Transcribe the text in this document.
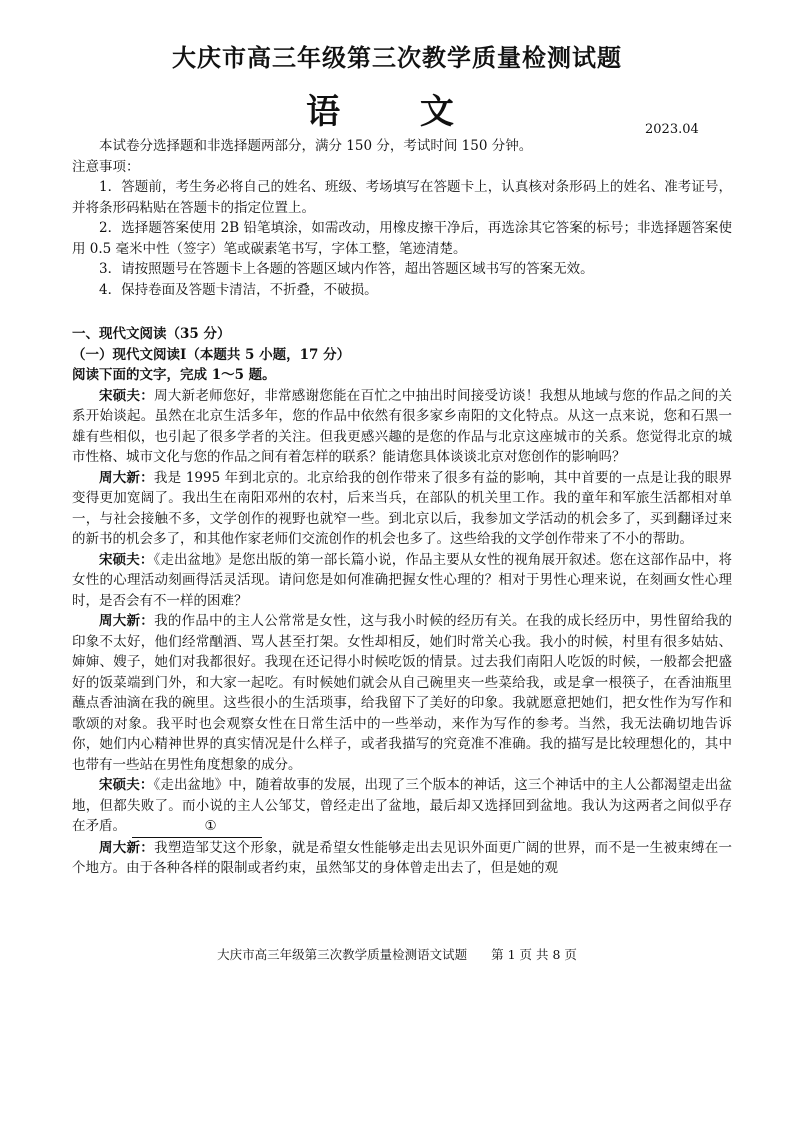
大庆市高三年级第三次教学质量检测试题
语 文	2023.04

本试卷分选择题和非选择题两部分，满分 150 分，考试时间 150 分钟。

注意事项：

1．答题前，考生务必将自己的姓名、班级、考场填写在答题卡上，认真核对条形码上的姓名、准考证号，并将条形码粘贴在答题卡的指定位置上。

2．选择题答案使用 2B 铅笔填涂，如需改动，用橡皮擦干净后，再选涂其它答案的标号；非选择题答案使用 0.5 毫米中性（签字）笔或碳素笔书写，字体工整，笔迹清楚。

3．请按照题号在答题卡上各题的答题区域内作答，超出答题区域书写的答案无效。

4．保持卷面及答题卡清洁，不折叠，不破损。

一、现代文阅读（35 分）

（一）现代文阅读Ⅰ（本题共 5 小题，17 分）

阅读下面的文字，完成 1～5 题。

宋硕夫：周大新老师您好，非常感谢您能在百忙之中抽出时间接受访谈！我想从地域与您的作品之间的关系开始谈起。虽然在北京生活多年，您的作品中依然有很多家乡南阳的文化特点。从这一点来说，您和石黑一雄有些相似，也引起了很多学者的关注。但我更感兴趣的是您的作品与北京这座城市的关系。您觉得北京的城市性格、城市文化与您的作品之间有着怎样的联系？能请您具体谈谈北京对您创作的影响吗？

周大新：我是 1995 年到北京的。北京给我的创作带来了很多有益的影响，其中首要的一点是让我的眼界变得更加宽阔了。我出生在南阳邓州的农村，后来当兵，在部队的机关里工作。我的童年和军旅生活都相对单一，与社会接触不多，文学创作的视野也就窄一些。到北京以后，我参加文学活动的机会多了，买到翻译过来的新书的机会多了，和其他作家老师们交流创作的机会也多了。这些给我的文学创作带来了不小的帮助。

宋硕夫：《走出盆地》是您出版的第一部长篇小说，作品主要从女性的视角展开叙述。您在这部作品中，将女性的心理活动刻画得活灵活现。请问您是如何准确把握女性心理的？相对于男性心理来说，在刻画女性心理时，是否会有不一样的困难？

周大新：我的作品中的主人公常常是女性，这与我小时候的经历有关。在我的成长经历中，男性留给我的印象不太好，他们经常酗酒、骂人甚至打架。女性却相反，她们时常关心我。我小的时候，村里有很多姑姑、婶婶、嫂子，她们对我都很好。我现在还记得小时候吃饭的情景。过去我们南阳人吃饭的时候，一般都会把盛好的饭菜端到门外，和大家一起吃。有时候她们就会从自己碗里夹一些菜给我，或是拿一根筷子，在香油瓶里蘸点香油滴在我的碗里。这些很小的生活琐事，给我留下了美好的印象。我就愿意把她们，把女性作为写作和歌颂的对象。我平时也会观察女性在日常生活中的一些举动，来作为写作的参考。当然，我无法确切地告诉你，她们内心精神世界的真实情况是什么样子，或者我描写的究竟准不准确。我的描写是比较理想化的，其中也带有一些站在男性角度想象的成分。

宋硕夫：《走出盆地》中，随着故事的发展，出现了三个版本的神话，这三个神话中的主人公都渴望走出盆地，但都失败了。而小说的主人公邹艾，曾经走出了盆地，最后却又选择回到盆地。我认为这两者之间似乎存在矛盾。	①

周大新：我塑造邹艾这个形象，就是希望女性能够走出去见识外面更广阔的世界，而不是一生被束缚在一个地方。由于各种各样的限制或者约束，虽然邹艾的身体曾走出去了，但是她的观

大庆市高三年级第三次教学质量检测语文试题 第 1 页 共 8 页
